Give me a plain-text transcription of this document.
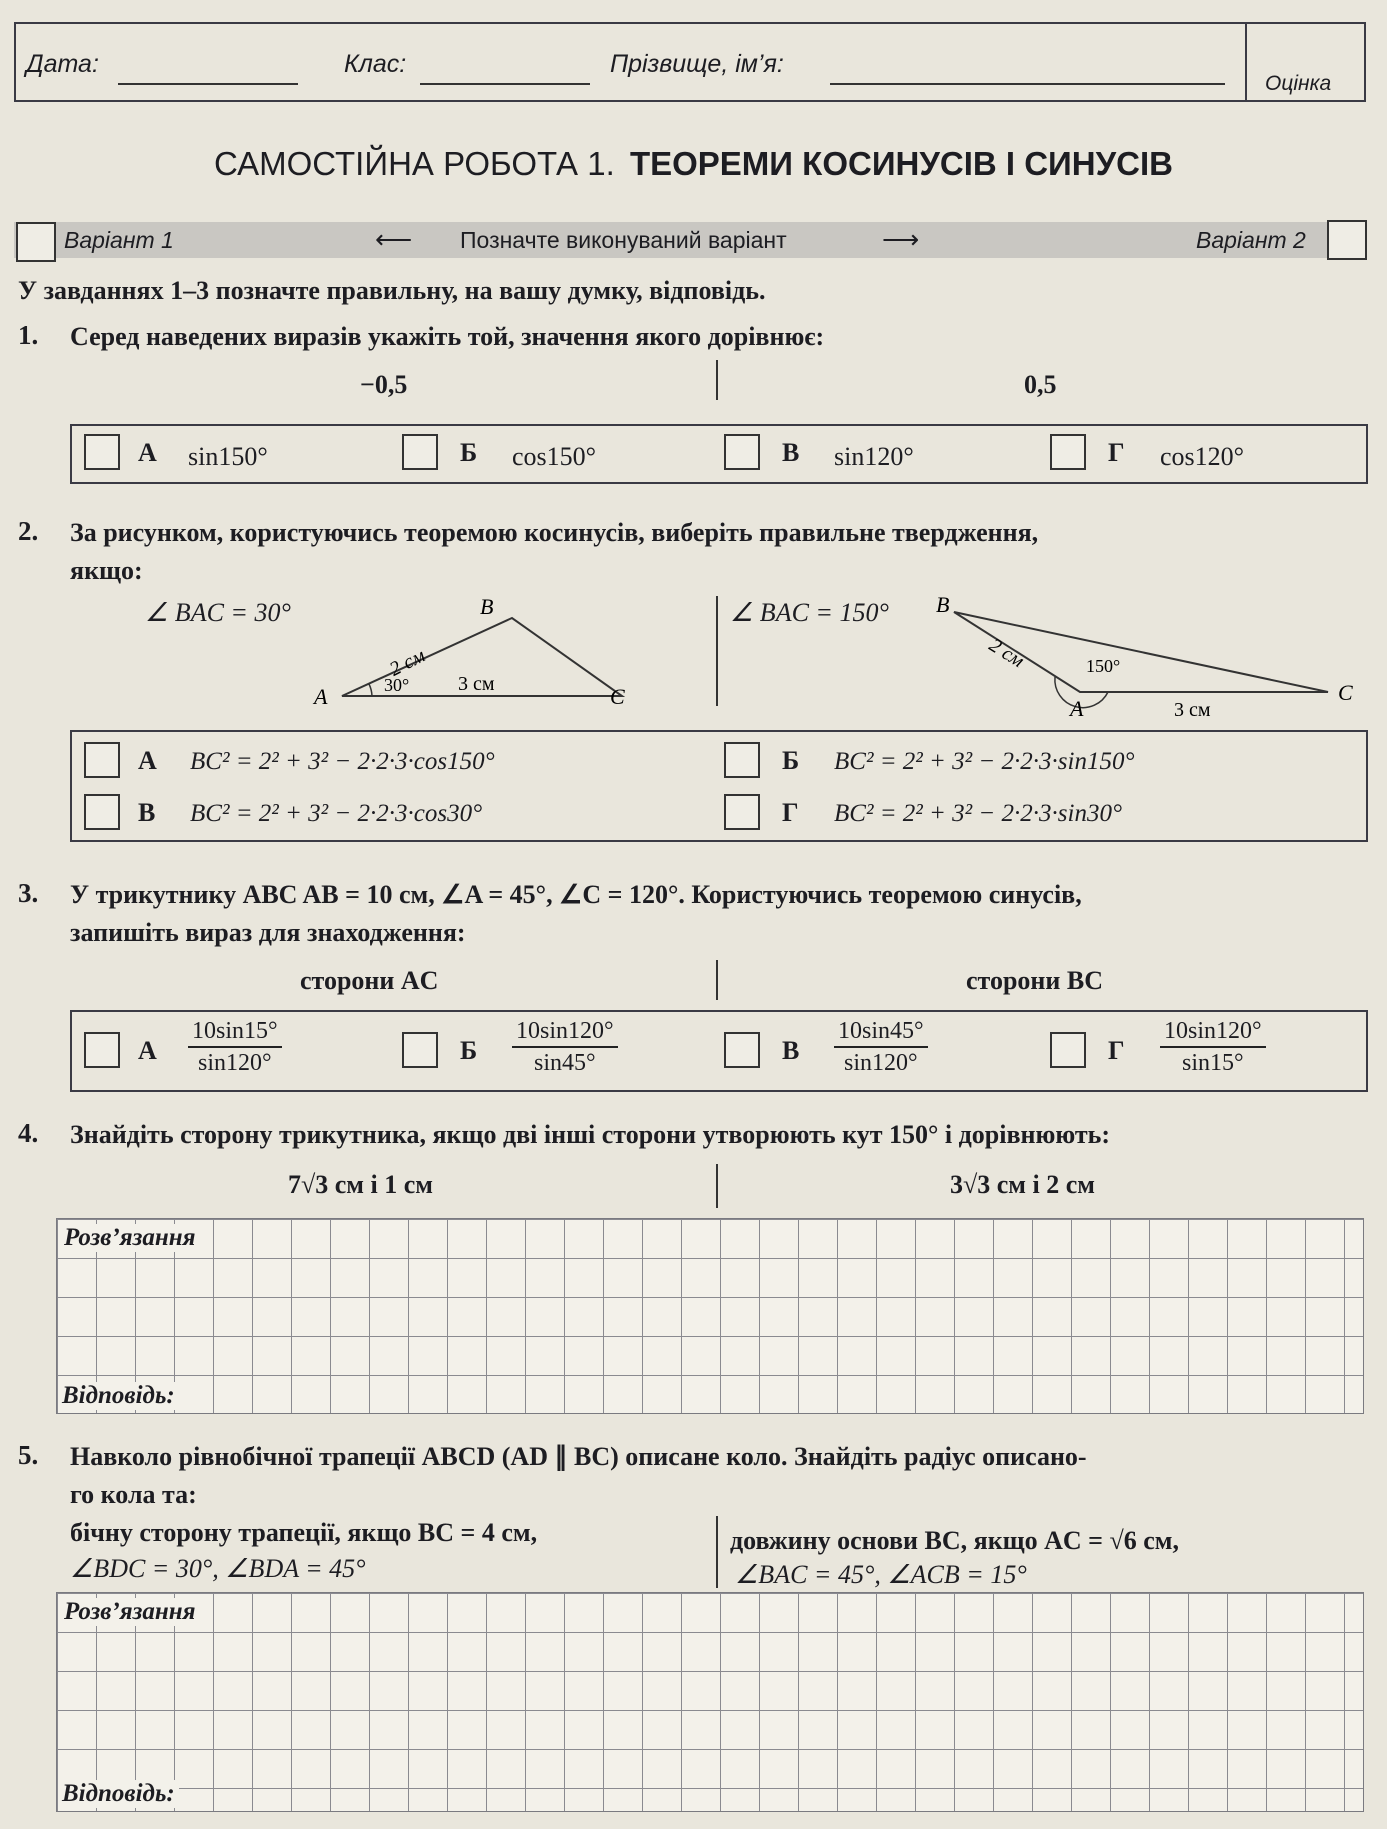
Дата:	Клас:	Прізвище, ім’я:
Оцінка
САМОСТІЙНА РОБОТА 1. ТЕОРЕМИ КОСИНУСІВ І СИНУСІВ
Варіант 1	⟵ Позначте виконуваний варіант	⟶	Варіант 2
У завданнях 1–3 позначте правильну, на вашу думку, відповідь.
1. Серед наведених виразів укажіть той, значення якого дорівнює:
−0,5	0,5
А sin150°	Б cos150°	В sin120°	Г cos120°
2. За рисунком, користуючись теоремою косинусів, виберіть правильне твердження,
якщо:
∠ BAC = 30°	∠ BAC = 150°
A
B
C
2 см
3 см
30°
B
A
C
2 см
3 см
150°
А BC² = 2² + 3² − 2·2·3·cos150°	Б BC² = 2² + 3² − 2·2·3·sin150°
В BC² = 2² + 3² − 2·2·3·cos30°	Г BC² = 2² + 3² − 2·2·3·sin30°
3. У трикутнику ABC AB = 10 см, ∠A = 45°, ∠C = 120°. Користуючись теоремою синусів,
запишіть вираз для знаходження:
сторони AC	сторони BC
А $\frac{10\sin 15^\circ}{\sin 120^\circ}$	Б $\frac{10\sin 120^\circ}{\sin 45^\circ}$	В $\frac{10\sin 45^\circ}{\sin 120^\circ}$	Г $\frac{10\sin 120^\circ}{\sin 15^\circ}$
4. Знайдіть сторону трикутника, якщо дві інші сторони утворюють кут 150° і дорівнюють:
7√3 см і 1 см	3√3 см і 2 см
Розв’язання
Відповідь:
5. Навколо рівнобічної трапеції ABCD (AD ∥ BC) описане коло. Знайдіть радіус описано-
го кола та:
бічну сторону трапеції, якщо BC = 4 см,
∠BDC = 30°, ∠BDA = 45°
довжину основи BC, якщо AC = √6 см,
∠BAC = 45°, ∠ACB = 15°
Розв’язання
Відповідь:
